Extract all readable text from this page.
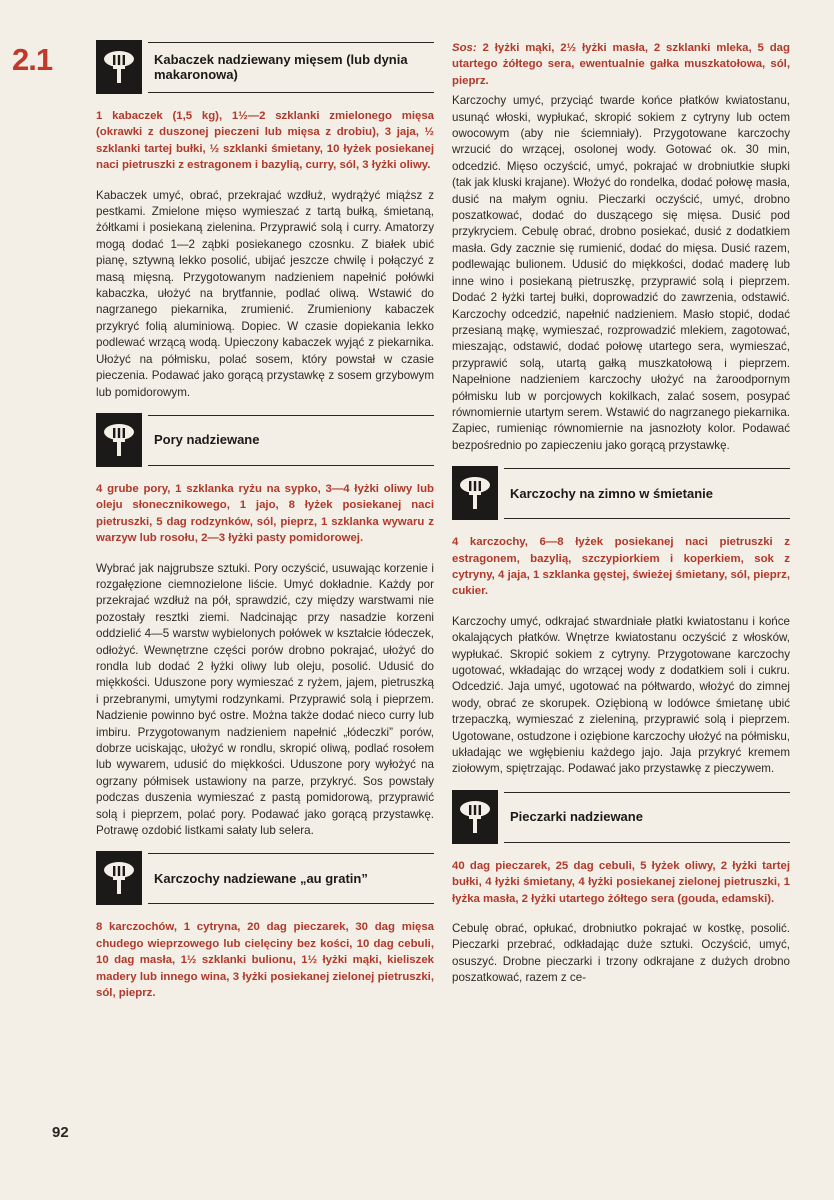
2.1	Kabaczek nadziewany mięsem (lub dynia makaronowa)

1 kabaczek (1,5 kg), 1½—2 szklanki zmielonego mięsa (okrawki z duszonej pieczeni lub mięsa z drobiu), 3 jaja, ½ szklanki tartej bułki, ½ szklanki śmietany, 10 łyżek posiekanej naci pietruszki z estragonem i bazylią, curry, sól, 3 łyżki oliwy.

Kabaczek umyć, obrać, przekrajać wzdłuż, wydrążyć miąższ z pestkami. Zmielone mięso wymieszać z tartą bułką, śmietaną, żółtkami i posiekaną zielenina. Przyprawić solą i curry. Amatorzy mogą dodać 1—2 ząbki posiekanego czosnku. Z białek ubić pianę, sztywną lekko posolić, ubijać jeszcze chwilę i połączyć z masą mięsną. Przygotowanym nadzieniem napełnić połówki kabaczka, ułożyć na brytfannie, podlać oliwą. Wstawić do nagrzanego piekarnika, zrumienić. Zrumieniony kabaczek przykryć folią aluminiową. Dopiec. W czasie dopiekania lekko podlewać wrzącą wodą. Upieczony kabaczek wyjąć z piekarnika. Ułożyć na półmisku, polać sosem, który powstał w czasie pieczenia. Podawać jako gorącą przystawkę z sosem grzybowym lub pomidorowym.

Pory nadziewane

4 grube pory, 1 szklanka ryżu na sypko, 3—4 łyżki oliwy lub oleju słonecznikowego, 1 jajo, 8 łyżek posiekanej naci pietruszki, 5 dag rodzynków, sól, pieprz, 1 szklanka wywaru z warzyw lub rosołu, 2—3 łyżki pasty pomidorowej.

Wybrać jak najgrubsze sztuki. Pory oczyścić, usuwając korzenie i rozgałęzione ciemnozielone liście. Umyć dokładnie. Każdy por przekrajać wzdłuż na pół, sprawdzić, czy między warstwami nie pozostały resztki ziemi. Nadcinając przy nasadzie korzeni oddzielić 4—5 warstw wybielonych połówek w kształcie łódeczek, odłożyć. Wewnętrzne części porów drobno pokrajać, ułożyć do rondla lub dodać 2 łyżki oliwy lub oleju, posolić. Udusić do miękkości. Uduszone pory wymieszać z ryżem, jajem, pietruszką i przebranymi, umytymi rodzynkami. Przyprawić solą i pieprzem. Nadzienie powinno być ostre. Można także dodać nieco curry lub imbiru. Przygotowanym nadzieniem napełnić „łódeczki” porów, dobrze uciskając, ułożyć w rondlu, skropić oliwą, podlać rosołem lub wywarem, udusić do miękkości. Uduszone pory wyłożyć na ogrzany półmisek ustawiony na parze, przykryć. Sos powstały podczas duszenia wymieszać z pastą pomidorową, przyprawić solą i pieprzem, polać pory. Podawać jako gorącą przystawkę. Potrawę ozdobić listkami sałaty lub selera.

Karczochy nadziewane „au gratin”

8 karczochów, 1 cytryna, 20 dag pieczarek, 30 dag mięsa chudego wieprzowego lub cielęciny bez kości, 10 dag cebuli, 10 dag masła, 1½ szklanki bulionu, 1½ łyżki mąki, kieliszek madery lub innego wina, 3 łyżki posiekanej zielonej pietruszki, sól, pieprz.

Sos: 2 łyżki mąki, 2½ łyżki masła, 2 szklanki mleka, 5 dag utartego żółtego sera, ewentualnie gałka muszkatołowa, sól, pieprz.

Karczochy umyć, przyciąć twarde końce płatków kwiatostanu, usunąć włoski, wypłukać, skropić sokiem z cytryny lub octem owocowym (aby nie ściemniały). Przygotowane karczochy wrzucić do wrzącej, osolonej wody. Gotować ok. 30 min, odcedzić. Mięso oczyścić, umyć, pokrajać w drobniutkie słupki (tak jak kluski krajane). Włożyć do rondelka, dodać połowę masła, dusić na małym ogniu. Pieczarki oczyścić, umyć, drobno poszatkować, dodać do duszącego się mięsa. Dusić pod przykryciem. Cebulę obrać, drobno posiekać, dusić z dodatkiem masła. Gdy zacznie się rumienić, dodać do mięsa. Dusić razem, podlewając bulionem. Udusić do miękkości, dodać maderę lub inne wino i posiekaną pietruszkę, przyprawić solą i pieprzem. Dodać 2 łyżki tartej bułki, doprowadzić do zawrzenia, odstawić. Karczochy odcedzić, napełnić nadzieniem. Masło stopić, dodać przesianą mąkę, wymieszać, rozprowadzić mlekiem, zagotować, mieszając, odstawić, dodać połowę utartego sera, wymieszać, przyprawić solą, utartą gałką muszkatołową i pieprzem. Napełnione nadzieniem karczochy ułożyć na żaroodpornym półmisku lub w porcjowych kokilkach, zalać sosem, posypać równomiernie utartym serem. Wstawić do nagrzanego piekarnika. Zapiec, rumieniąc równomiernie na jasnozłoty kolor. Podawać bezpośrednio po zapieczeniu jako gorącą przystawkę.

Karczochy na zimno w śmietanie

4 karczochy, 6—8 łyżek posiekanej naci pietruszki z estragonem, bazylią, szczypiorkiem i koperkiem, sok z cytryny, 4 jaja, 1 szklanka gęstej, świeżej śmietany, sól, pieprz, cukier.

Karczochy umyć, odkrajać stwardniałe płatki kwiatostanu i końce okalających płatków. Wnętrze kwiatostanu oczyścić z włosków, wypłukać. Skropić sokiem z cytryny. Przygotowane karczochy ugotować, wkładając do wrzącej wody z dodatkiem soli i cukru. Odcedzić. Jaja umyć, ugotować na półtwardo, włożyć do zimnej wody, obrać ze skorupek. Oziębioną w lodówce śmietanę ubić trzepaczką, wymieszać z zieleniną, przyprawić solą i pieprzem. Ugotowane, ostudzone i oziębione karczochy ułożyć na półmisku, układając we wgłębieniu każdego jajo. Jaja przykryć kremem ziołowym, spiętrzając. Podawać jako przystawkę z pieczywem.

Pieczarki nadziewane

40 dag pieczarek, 25 dag cebuli, 5 łyżek oliwy, 2 łyżki tartej bułki, 4 łyżki śmietany, 4 łyżki posiekanej zielonej pietruszki, 1 łyżka masła, 2 łyżki utartego żółtego sera (gouda, edamski).

Cebulę obrać, opłukać, drobniutko pokrajać w kostkę, posolić. Pieczarki przebrać, odkładając duże sztuki. Oczyścić, umyć, osuszyć. Drobne pieczarki i trzony odkrajane z dużych drobno poszatkować, razem z ce-

92
